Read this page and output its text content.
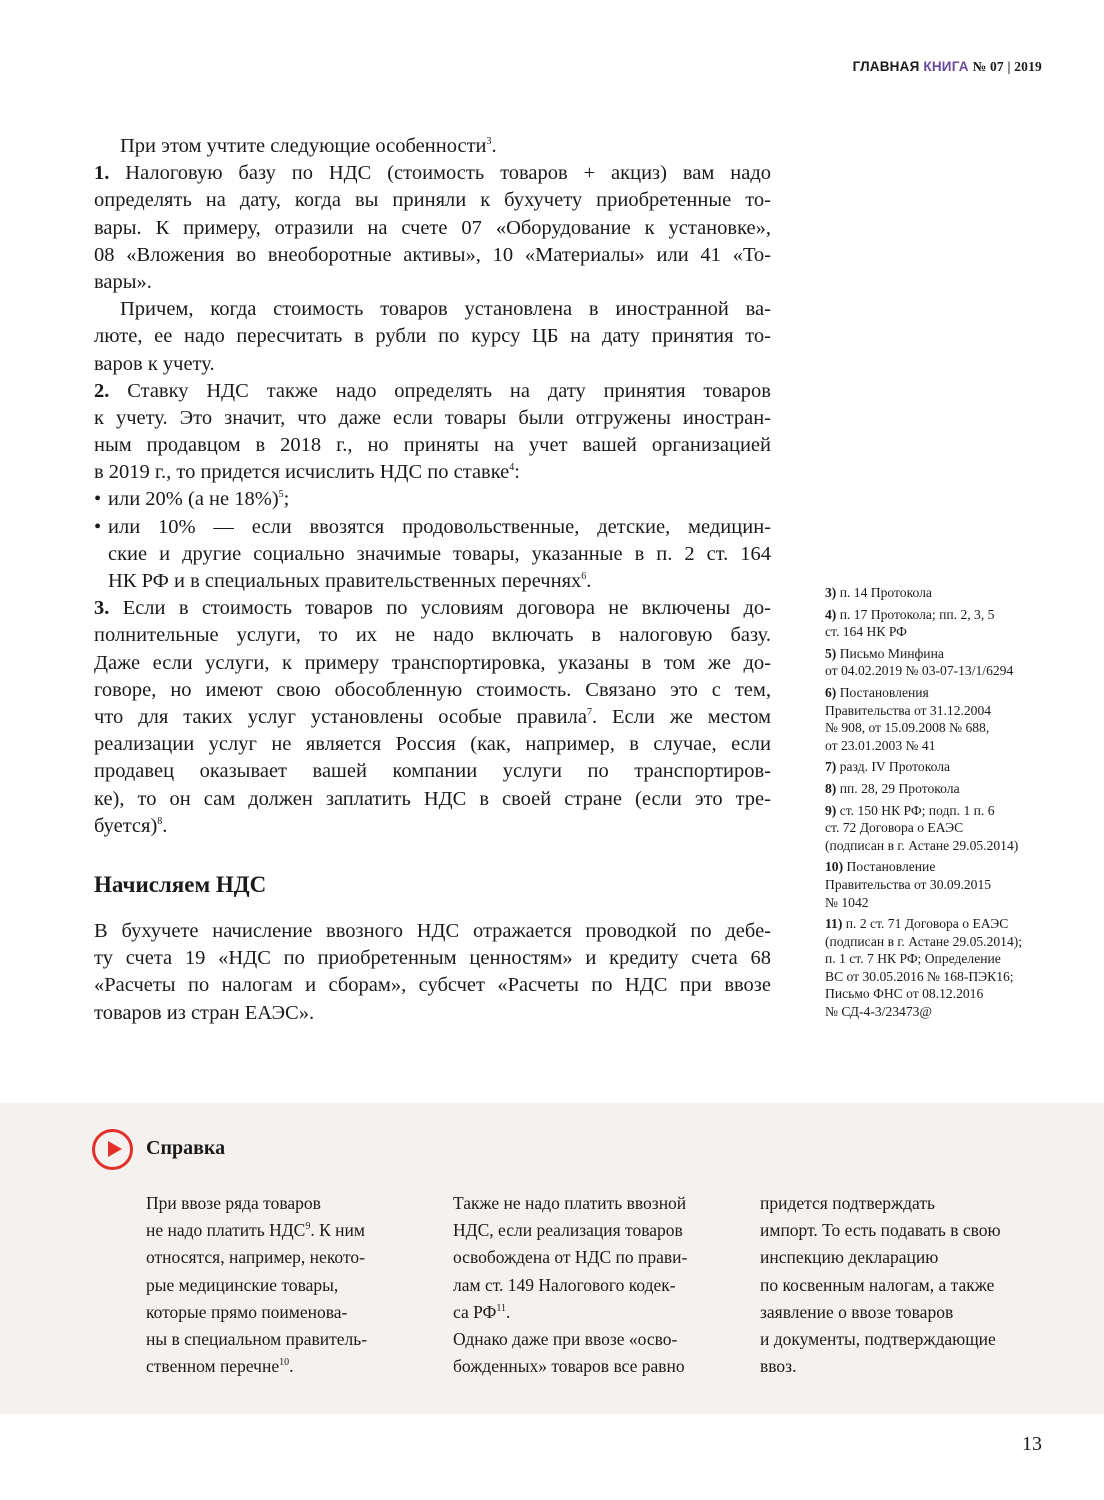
ГЛАВНАЯ КНИГА № 07 | 2019
При этом учтите следующие особенности$^3$.
1. Налоговую базу по НДС (стоимость товаров + акциз) вам надо
определять на дату, когда вы приняли к бухучету приобретенные то-
вары. К примеру, отразили на счете 07 «Оборудование к установке»,
08 «Вложения во внеоборотные активы», 10 «Материалы» или 41 «То-
вары».
Причем, когда стоимость товаров установлена в иностранной ва-
люте, ее надо пересчитать в рубли по курсу ЦБ на дату принятия то-
варов к учету.
2. Ставку НДС также надо определять на дату принятия товаров
к учету. Это значит, что даже если товары были отгружены иностран-
ным продавцом в 2018 г., но приняты на учет вашей организацией
в 2019 г., то придется исчислить НДС по ставке$^4$:
• или 20% (а не 18%)$^5$;
• или 10% — если ввозятся продовольственные, детские, медицин-
ские и другие социально значимые товары, указанные в п. 2 ст. 164
НК РФ и в специальных правительственных перечнях$^6$.
3. Если в стоимость товаров по условиям договора не включены до-
полнительные услуги, то их не надо включать в налоговую базу.
Даже если услуги, к примеру транспортировка, указаны в том же до-
говоре, но имеют свою обособленную стоимость. Связано это с тем,
что для таких услуг установлены особые правила$^7$. Если же местом
реализации услуг не является Россия (как, например, в случае, если
продавец оказывает вашей компании услуги по транспортиров-
ке), то он сам должен заплатить НДС в своей стране (если это тре-
буется)$^8$.
Начисляем НДС
В бухучете начисление ввозного НДС отражается проводкой по дебе-
ту счета 19 «НДС по приобретенным ценностям» и кредиту счета 68
«Расчеты по налогам и сборам», субсчет «Расчеты по НДС при ввозе
товаров из стран ЕАЭС».
3) п. 14 Протокола
4) п. 17 Протокола; пп. 2, 3, 5
ст. 164 НК РФ
5) Письмо Минфина
от 04.02.2019 № 03-07-13/1/6294
6) Постановления
Правительства от 31.12.2004
№ 908, от 15.09.2008 № 688,
от 23.01.2003 № 41
7) разд. IV Протокола
8) пп. 28, 29 Протокола
9) ст. 150 НК РФ; подп. 1 п. 6
ст. 72 Договора о ЕАЭС
(подписан в г. Астане 29.05.2014)
10) Постановление
Правительства от 30.09.2015
№ 1042
11) п. 2 ст. 71 Договора о ЕАЭС
(подписан в г. Астане 29.05.2014);
п. 1 ст. 7 НК РФ; Определение
ВС от 30.05.2016 № 168-ПЭК16;
Письмо ФНС от 08.12.2016
№ СД-4-3/23473@
Справка
При ввозе ряда товаров
не надо платить НДС$^9$. К ним
относятся, например, некото-
рые медицинские товары,
которые прямо поименова-
ны в специальном правитель-
ственном перечне$^{10}$.
Также не надо платить ввозной
НДС, если реализация товаров
освобождена от НДС по прави-
лам ст. 149 Налогового кодек-
са РФ$^{11}$.
Однако даже при ввозе «осво-
божденных» товаров все равно
придется подтверждать
импорт. То есть подавать в свою
инспекцию декларацию
по косвенным налогам, а также
заявление о ввозе товаров
и документы, подтверждающие
ввоз.
13
